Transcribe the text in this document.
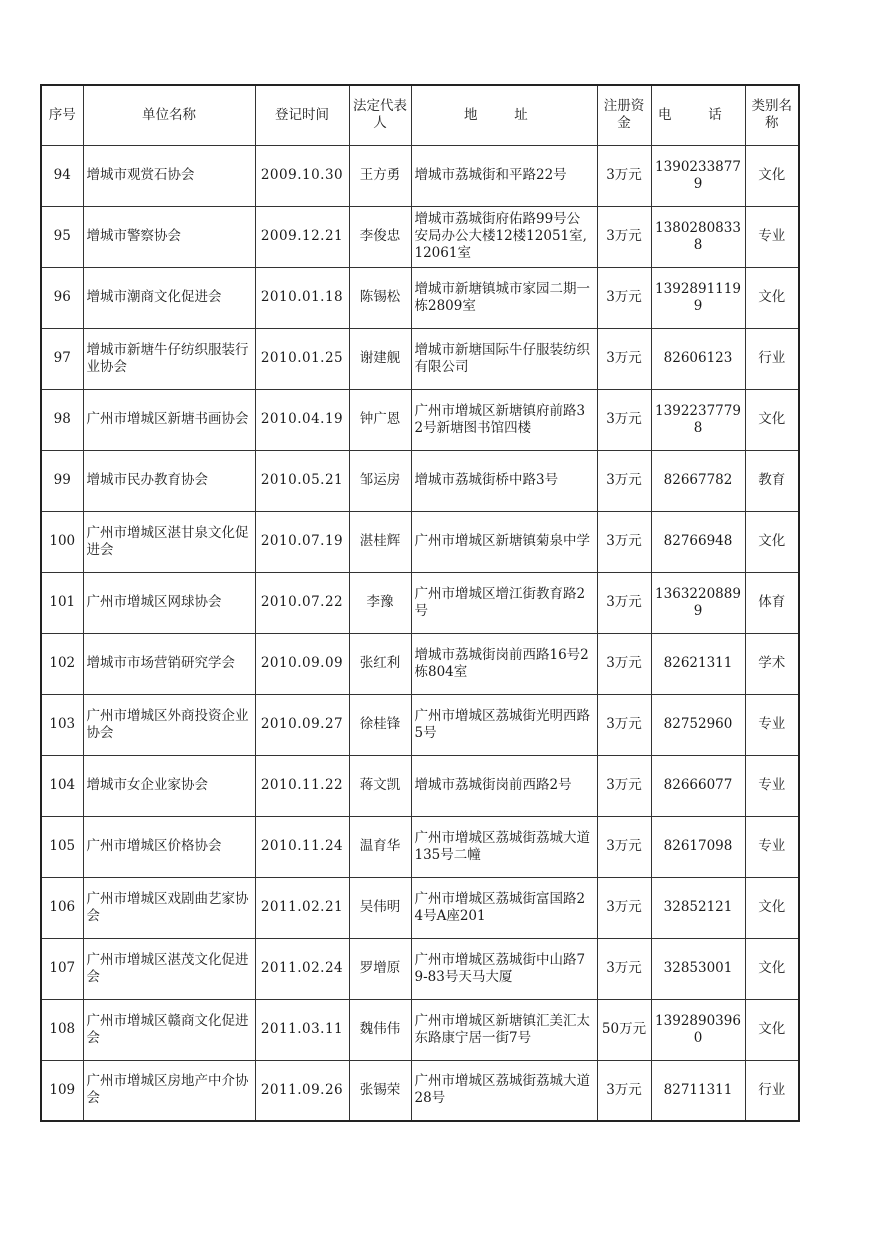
序号	单位名称	登记时间	法定代表人	地 址	注册资金	电 话	类别名称
94	增城市观赏石协会	2009.10.30	王方勇	增城市荔城街和平路22号	3万元	13902338779	文化
95	增城市警察协会	2009.12.21	李俊忠	增城市荔城街府佑路99号公安局办公大楼12楼12051室,12061室	3万元	13802808338	专业
96	增城市潮商文化促进会	2010.01.18	陈锡松	增城市新塘镇城市家园二期一栋2809室	3万元	13928911199	文化
97	增城市新塘牛仔纺织服装行业协会	2010.01.25	谢建舰	增城市新塘国际牛仔服装纺织有限公司	3万元	82606123	行业
98	广州市增城区新塘书画协会	2010.04.19	钟广恩	广州市增城区新塘镇府前路32号新塘图书馆四楼	3万元	13922377798	文化
99	增城市民办教育协会	2010.05.21	邹运房	增城市荔城街桥中路3号	3万元	82667782	教育
100	广州市增城区湛甘泉文化促进会	2010.07.19	湛桂辉	广州市增城区新塘镇菊泉中学	3万元	82766948	文化
101	广州市增城区网球协会	2010.07.22	李豫	广州市增城区增江街教育路2号	3万元	13632208899	体育
102	增城市市场营销研究学会	2010.09.09	张红利	增城市荔城街岗前西路16号2栋804室	3万元	82621311	学术
103	广州市增城区外商投资企业协会	2010.09.27	徐桂锋	广州市增城区荔城街光明西路5号	3万元	82752960	专业
104	增城市女企业家协会	2010.11.22	蒋文凯	增城市荔城街岗前西路2号	3万元	82666077	专业
105	广州市增城区价格协会	2010.11.24	温育华	广州市增城区荔城街荔城大道135号二幢	3万元	82617098	专业
106	广州市增城区戏剧曲艺家协会	2011.02.21	吴伟明	广州市增城区荔城街富国路24号A座201	3万元	32852121	文化
107	广州市增城区湛茂文化促进会	2011.02.24	罗增原	广州市增城区荔城街中山路79-83号天马大厦	3万元	32853001	文化
108	广州市增城区赣商文化促进会	2011.03.11	魏伟伟	广州市增城区新塘镇汇美汇太东路康宁居一街7号	50万元	13928903960	文化
109	广州市增城区房地产中介协会	2011.09.26	张锡荣	广州市增城区荔城街荔城大道28号	3万元	82711311	行业
